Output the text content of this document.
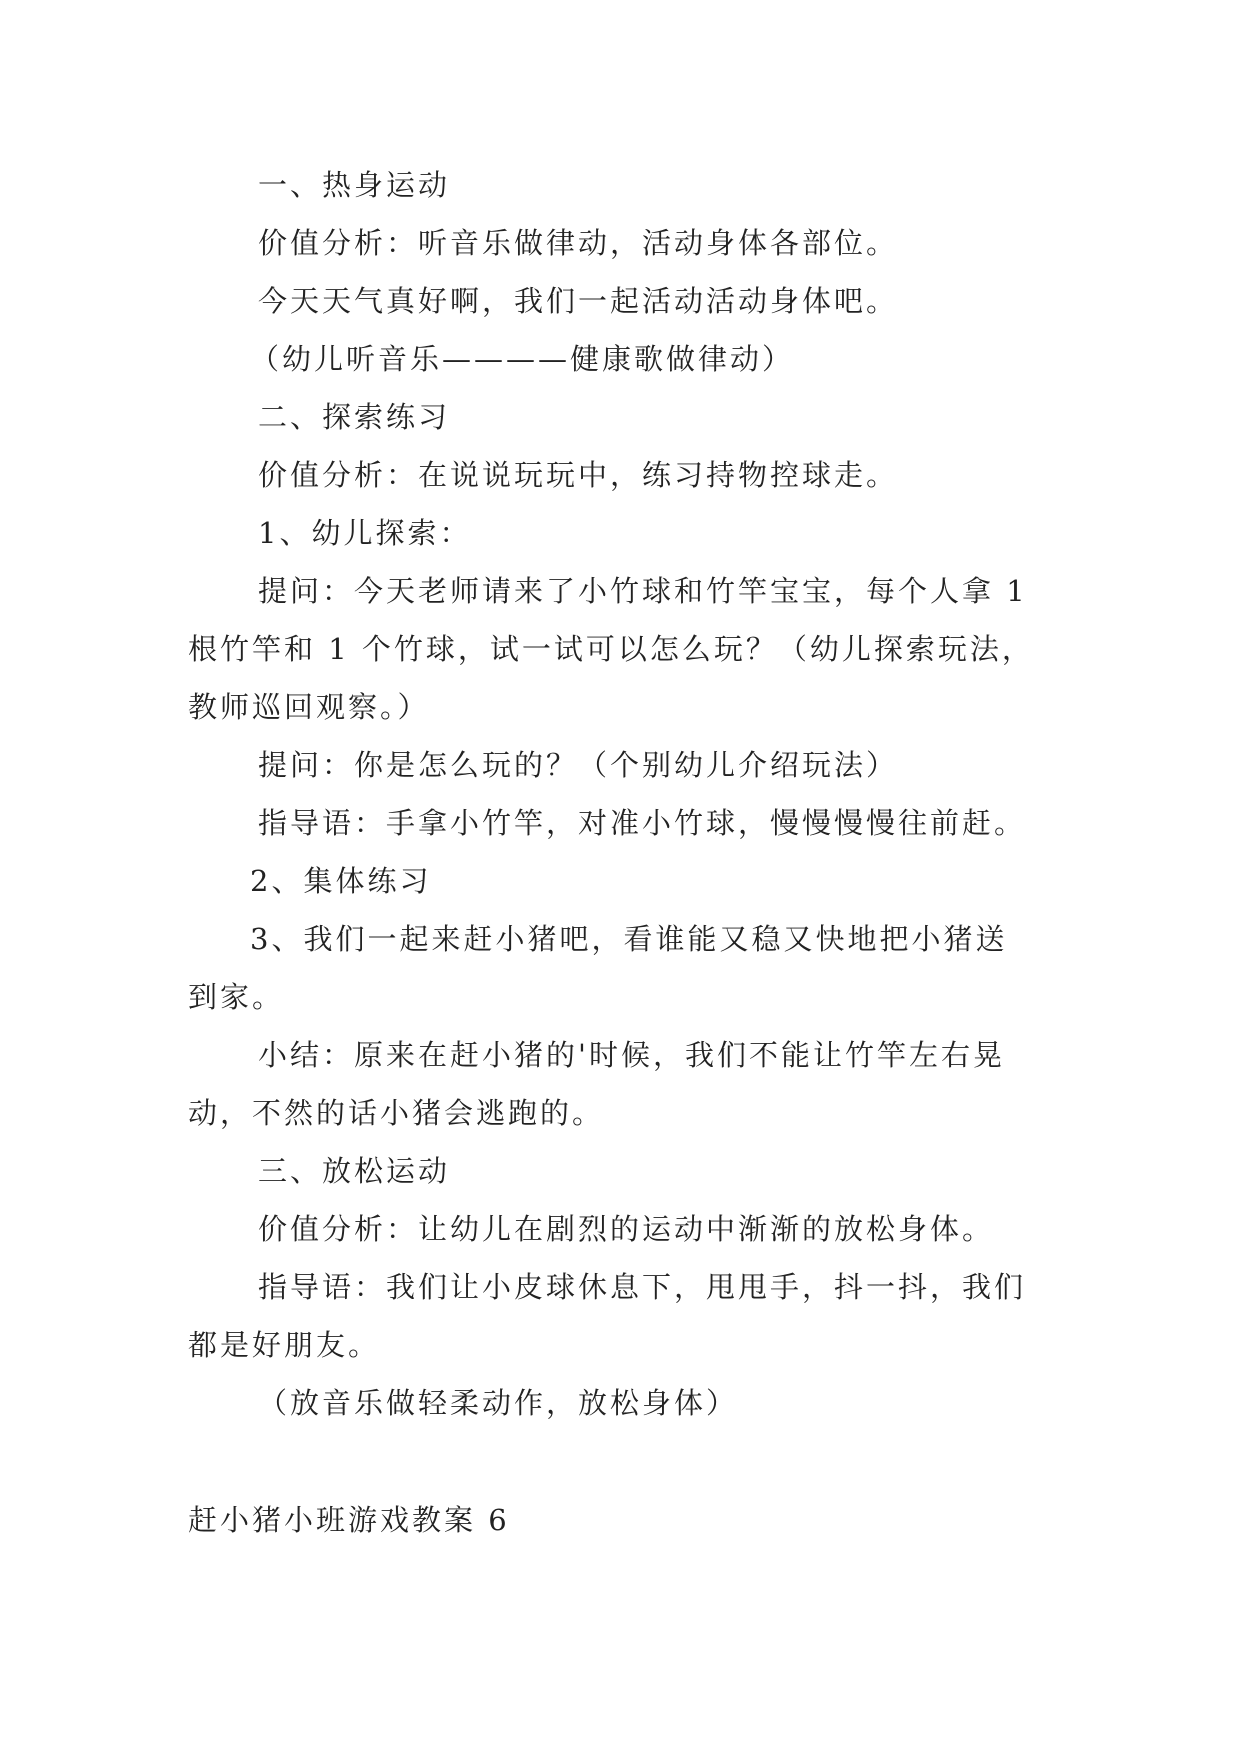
一、热身运动
价值分析：听音乐做律动，活动身体各部位。
今天天气真好啊，我们一起活动活动身体吧。
（幼儿听音乐————健康歌做律动）
二、探索练习
价值分析：在说说玩玩中，练习持物控球走。
1、幼儿探索：
提问：今天老师请来了小竹球和竹竿宝宝，每个人拿 1
根竹竿和 1 个竹球，试一试可以怎么玩？（幼儿探索玩法，
教师巡回观察。）
提问：你是怎么玩的？（个别幼儿介绍玩法）
指导语：手拿小竹竿，对准小竹球，慢慢慢慢往前赶。
2、集体练习
3、我们一起来赶小猪吧，看谁能又稳又快地把小猪送
到家。
小结：原来在赶小猪的'时候，我们不能让竹竿左右晃
动，不然的话小猪会逃跑的。
三、放松运动
价值分析：让幼儿在剧烈的运动中渐渐的放松身体。
指导语：我们让小皮球休息下，甩甩手，抖一抖，我们
都是好朋友。
（放音乐做轻柔动作，放松身体）
赶小猪小班游戏教案 6
